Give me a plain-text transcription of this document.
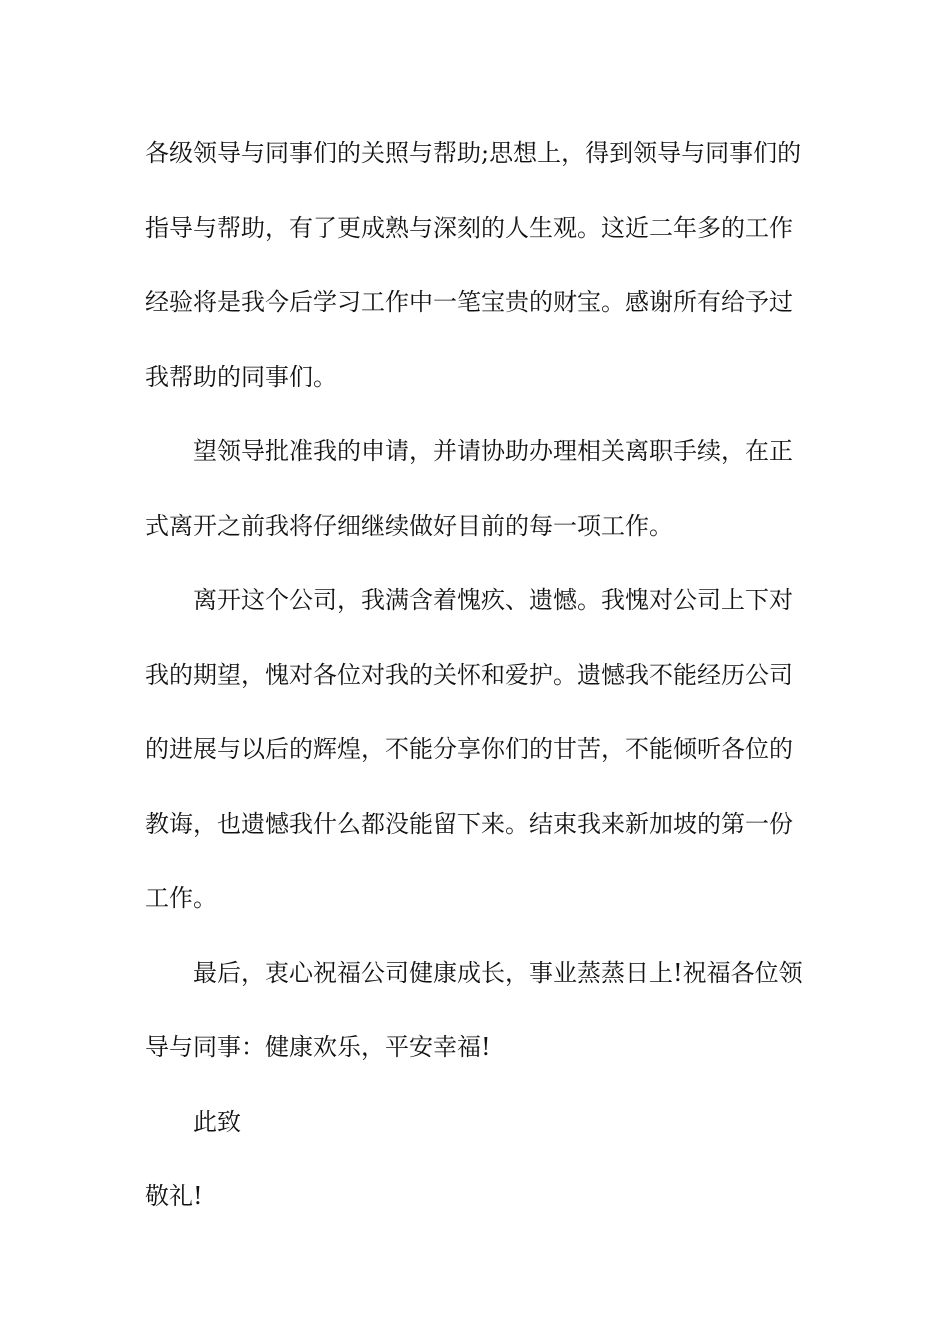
各级领导与同事们的关照与帮助;思想上，得到领导与同事们的
指导与帮助，有了更成熟与深刻的人生观。这近二年多的工作
经验将是我今后学习工作中一笔宝贵的财宝。感谢所有给予过
我帮助的同事们。
望领导批准我的申请，并请协助办理相关离职手续，在正
式离开之前我将仔细继续做好目前的每一项工作。
离开这个公司，我满含着愧疚、遗憾。我愧对公司上下对
我的期望，愧对各位对我的关怀和爱护。遗憾我不能经历公司
的进展与以后的辉煌，不能分享你们的甘苦，不能倾听各位的
教诲，也遗憾我什么都没能留下来。结束我来新加坡的第一份
工作。
最后，衷心祝福公司健康成长，事业蒸蒸日上!祝福各位领
导与同事：健康欢乐，平安幸福!
此致
敬礼!
